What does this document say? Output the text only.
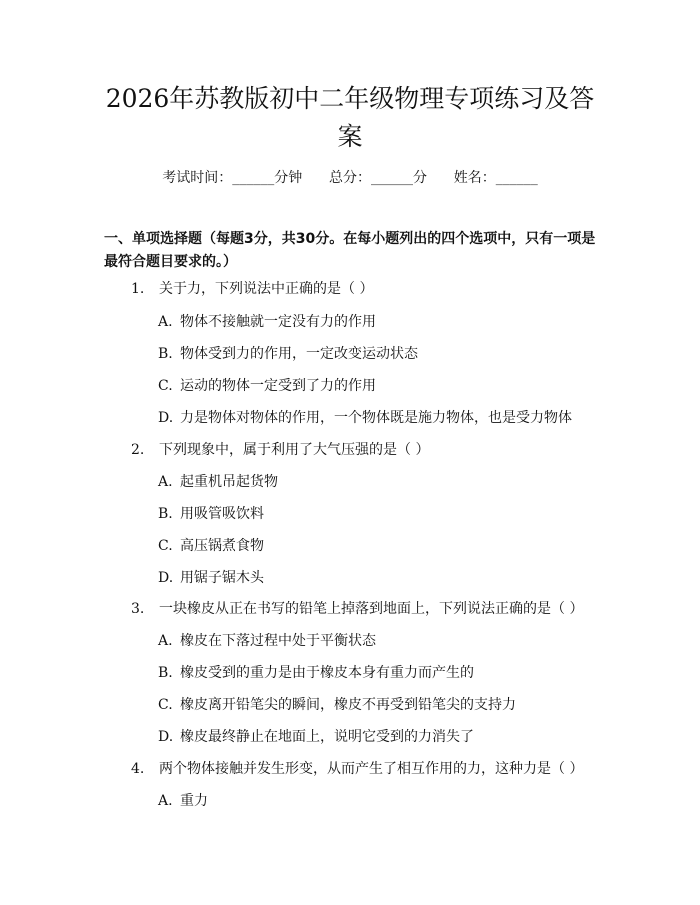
2026年苏教版初中二年级物理专项练习及答案
考试时间：______分钟      总分：______分      姓名：______
一、单项选择题（每题3分，共30分。在每小题列出的四个选项中，只有一项是最符合题目要求的。）
1. 关于力，下列说法中正确的是（ ）
A. 物体不接触就一定没有力的作用
B. 物体受到力的作用，一定改变运动状态
C. 运动的物体一定受到了力的作用
D. 力是物体对物体的作用，一个物体既是施力物体，也是受力物体
2. 下列现象中，属于利用了大气压强的是（ ）
A. 起重机吊起货物
B. 用吸管吸饮料
C. 高压锅煮食物
D. 用锯子锯木头
3. 一块橡皮从正在书写的铅笔上掉落到地面上，下列说法正确的是（ ）
A. 橡皮在下落过程中处于平衡状态
B. 橡皮受到的重力是由于橡皮本身有重力而产生的
C. 橡皮离开铅笔尖的瞬间，橡皮不再受到铅笔尖的支持力
D. 橡皮最终静止在地面上，说明它受到的力消失了
4. 两个物体接触并发生形变，从而产生了相互作用的力，这种力是（ ）
A. 重力
